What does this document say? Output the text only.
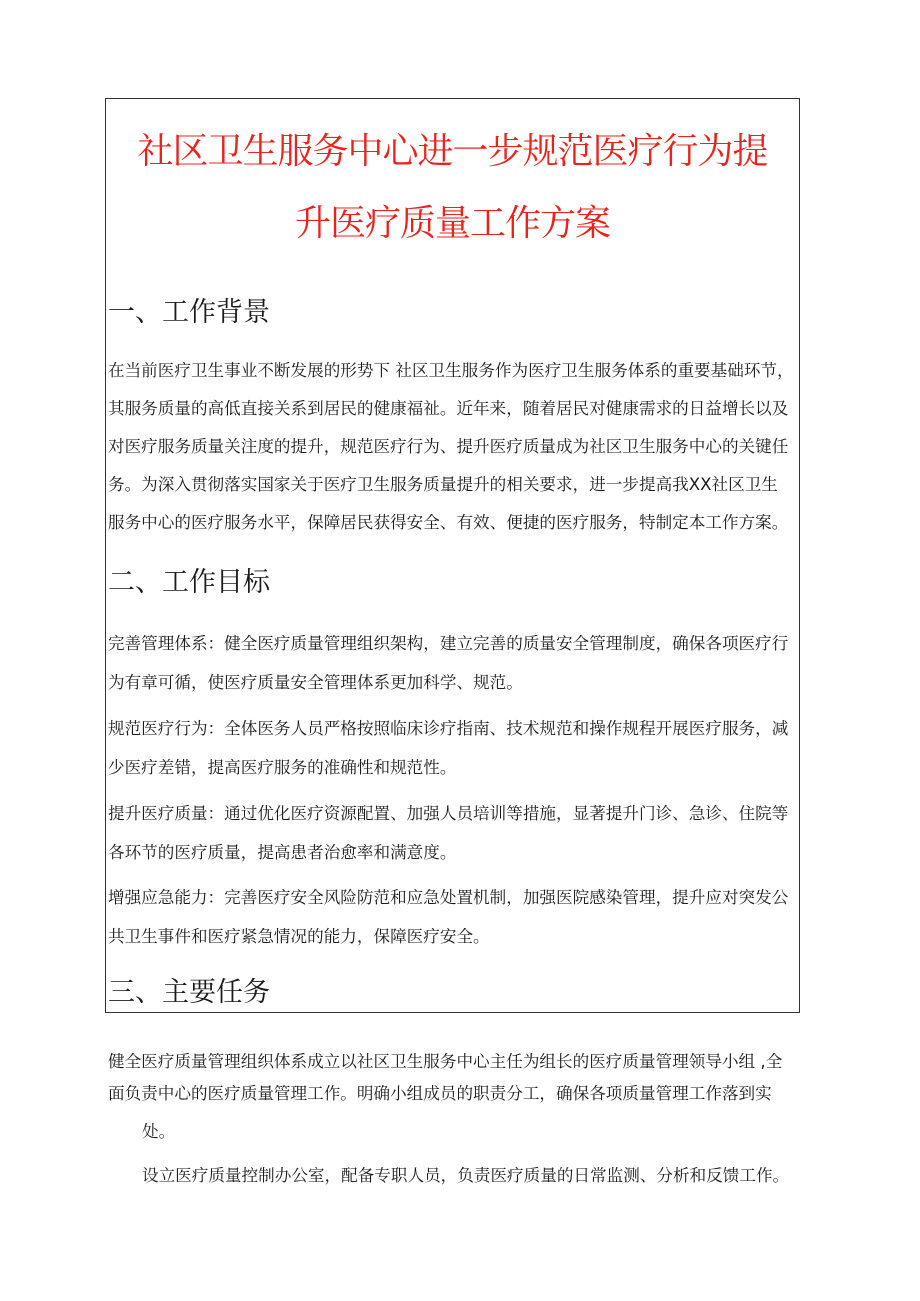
社区卫生服务中心进一步规范医疗行为提
升医疗质量工作方案
一、工作背景

在当前医疗卫生事业不断发展的形势下 社区卫生服务作为医疗卫生服务体系的重要基础环节，

其服务质量的高低直接关系到居民的健康福祉。近年来，随着居民对健康需求的日益增长以及

对医疗服务质量关注度的提升，规范医疗行为、提升医疗质量成为社区卫生服务中心的关键任

务。为深入贯彻落实国家关于医疗卫生服务质量提升的相关要求，进一步提高我XX社区卫生

服务中心的医疗服务水平，保障居民获得安全、有效、便捷的医疗服务，特制定本工作方案。

二、工作目标

完善管理体系：健全医疗质量管理组织架构，建立完善的质量安全管理制度，确保各项医疗行

为有章可循，使医疗质量安全管理体系更加科学、规范。

规范医疗行为：全体医务人员严格按照临床诊疗指南、技术规范和操作规程开展医疗服务，减

少医疗差错，提高医疗服务的准确性和规范性。

提升医疗质量：通过优化医疗资源配置、加强人员培训等措施，显著提升门诊、急诊、住院等

各环节的医疗质量，提高患者治愈率和满意度。

增强应急能力：完善医疗安全风险防范和应急处置机制，加强医院感染管理，提升应对突发公

共卫生事件和医疗紧急情况的能力，保障医疗安全。

三、主要任务

健全医疗质量管理组织体系成立以社区卫生服务中心主任为组长的医疗质量管理领导小组 ,全

面负责中心的医疗质量管理工作。明确小组成员的职责分工，确保各项质量管理工作落到实

处。

设立医疗质量控制办公室，配备专职人员，负责医疗质量的日常监测、分析和反馈工作。
